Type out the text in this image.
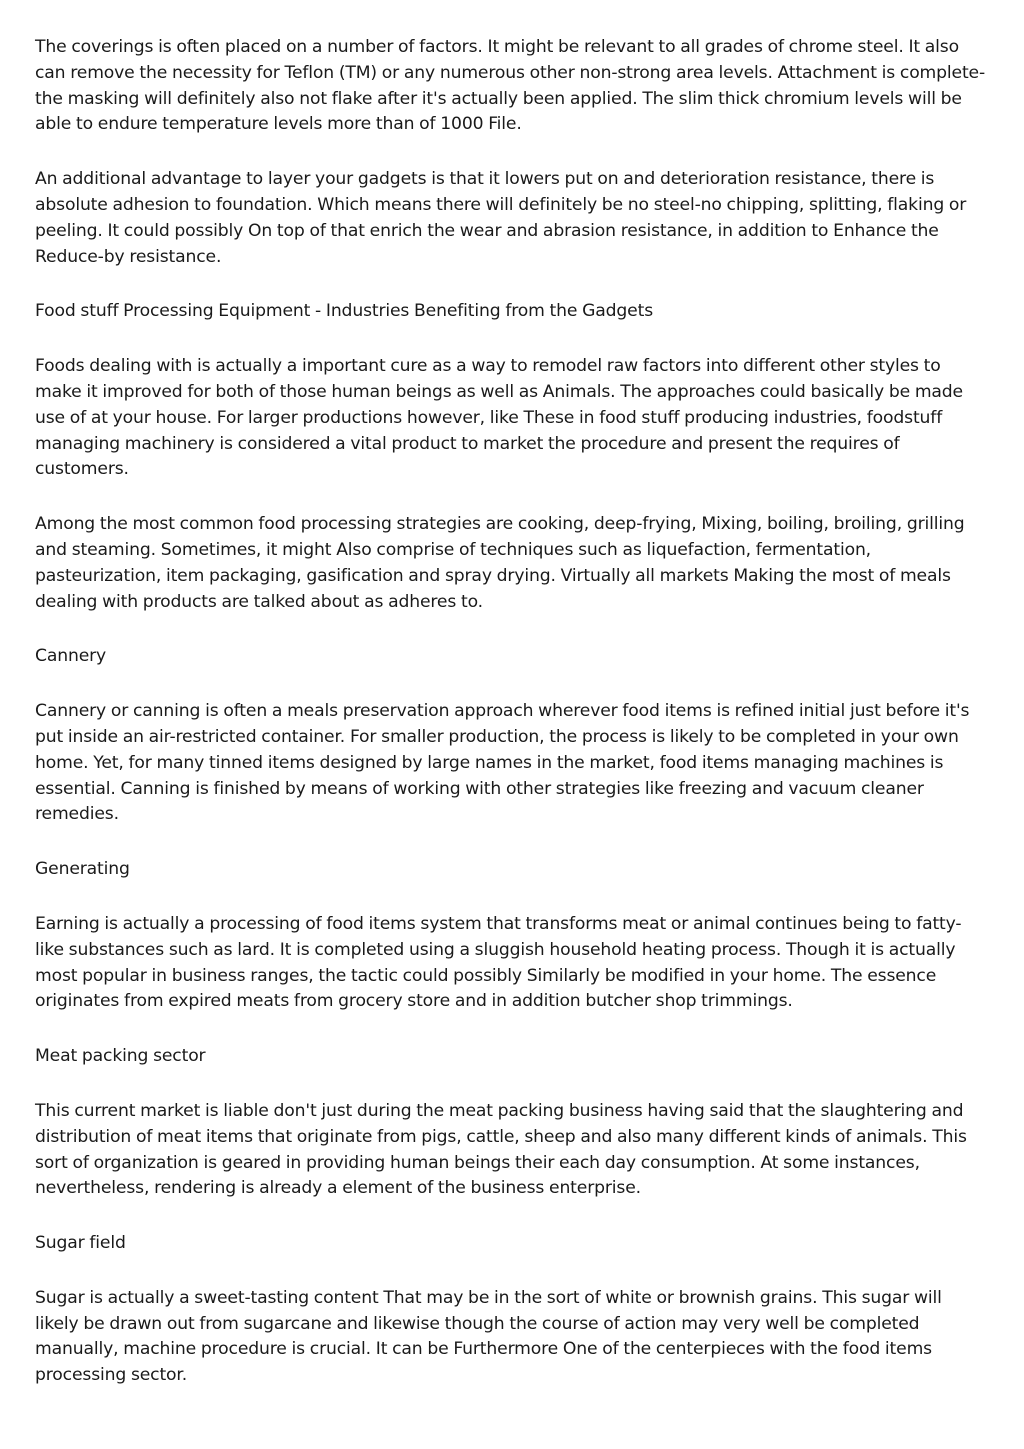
The coverings is often placed on a number of factors. It might be relevant to all grades of chrome steel. It also can remove the necessity for Teflon (TM) or any numerous other non-strong area levels. Attachment is complete-the masking will definitely also not flake after it's actually been applied. The slim thick chromium levels will be able to endure temperature levels more than of 1000 File.

An additional advantage to layer your gadgets is that it lowers put on and deterioration resistance, there is absolute adhesion to foundation. Which means there will definitely be no steel-no chipping, splitting, flaking or peeling. It could possibly On top of that enrich the wear and abrasion resistance, in addition to Enhance the Reduce-by resistance.

Food stuff Processing Equipment - Industries Benefiting from the Gadgets

Foods dealing with is actually a important cure as a way to remodel raw factors into different other styles to make it improved for both of those human beings as well as Animals. The approaches could basically be made use of at your house. For larger productions however, like These in food stuff producing industries, foodstuff managing machinery is considered a vital product to market the procedure and present the requires of customers.

Among the most common food processing strategies are cooking, deep-frying, Mixing, boiling, broiling, grilling and steaming. Sometimes, it might Also comprise of techniques such as liquefaction, fermentation, pasteurization, item packaging, gasification and spray drying. Virtually all markets Making the most of meals dealing with products are talked about as adheres to.

Cannery

Cannery or canning is often a meals preservation approach wherever food items is refined initial just before it's put inside an air-restricted container. For smaller production, the process is likely to be completed in your own home. Yet, for many tinned items designed by large names in the market, food items managing machines is essential. Canning is finished by means of working with other strategies like freezing and vacuum cleaner remedies.

Generating

Earning is actually a processing of food items system that transforms meat or animal continues being to fatty-like substances such as lard. It is completed using a sluggish household heating process. Though it is actually most popular in business ranges, the tactic could possibly Similarly be modified in your home. The essence originates from expired meats from grocery store and in addition butcher shop trimmings.

Meat packing sector

This current market is liable don't just during the meat packing business having said that the slaughtering and distribution of meat items that originate from pigs, cattle, sheep and also many different kinds of animals. This sort of organization is geared in providing human beings their each day consumption. At some instances, nevertheless, rendering is already a element of the business enterprise.

Sugar field

Sugar is actually a sweet-tasting content That may be in the sort of white or brownish grains. This sugar will likely be drawn out from sugarcane and likewise though the course of action may very well be completed manually, machine procedure is crucial. It can be Furthermore One of the centerpieces with the food items processing sector.
